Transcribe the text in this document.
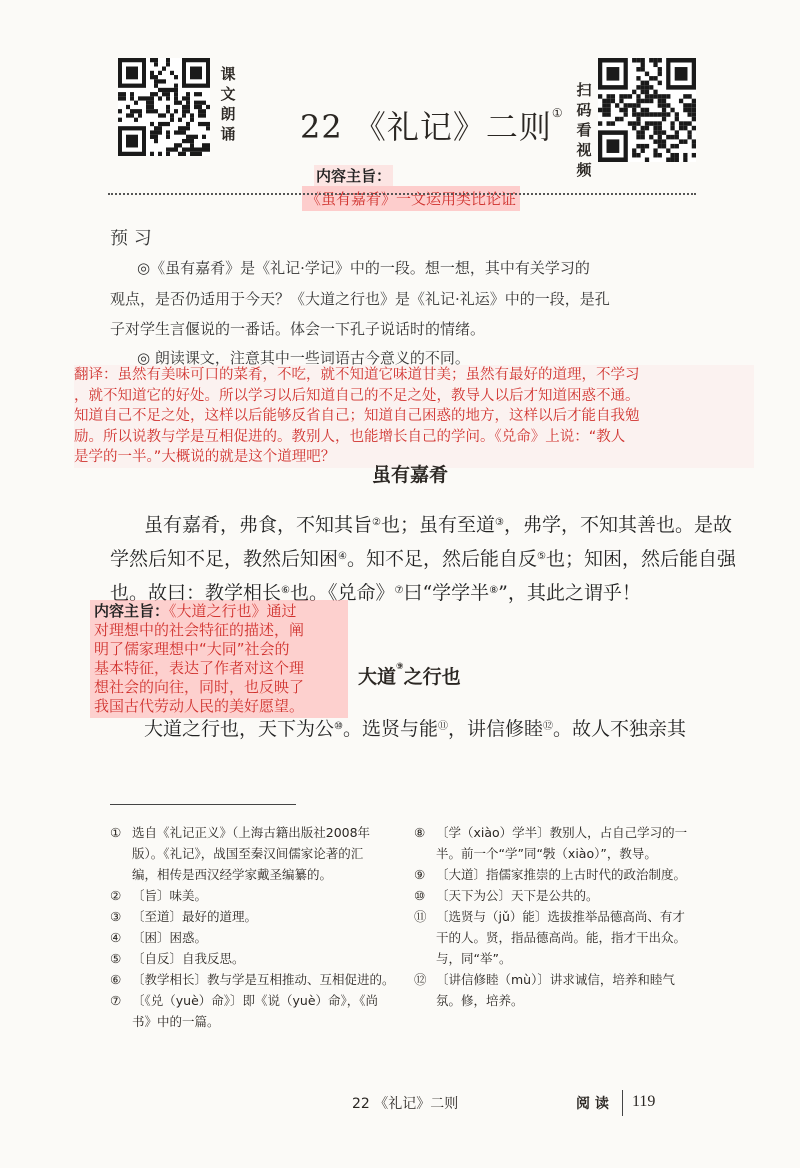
课
文
朗
诵
扫
码
看
视
频
22 《礼记》二则①
内容主旨：
《虽有嘉肴》一文运用类比论证
预 习
◎《虽有嘉肴》是《礼记·学记》中的一段。想一想，其中有关学习的
观点，是否仍适用于今天？《大道之行也》是《礼记·礼运》中的一段，是孔
子对学生言偃说的一番话。体会一下孔子说话时的情绪。
◎ 朗读课文，注意其中一些词语古今意义的不同。
翻译：虽然有美味可口的菜肴，不吃，就不知道它味道甘美；虽然有最好的道理，不学习
，就不知道它的好处。所以学习以后知道自己的不足之处，教导人以后才知道困惑不通。
知道自己不足之处，这样以后能够反省自己；知道自己困惑的地方，这样以后才能自我勉
励。所以说教与学是互相促进的。教别人，也能增长自己的学问。《兑命》上说：“教人
是学的一半。”大概说的就是这个道理吧？
虽有嘉肴
虽有嘉肴，弗食，不知其旨②也；虽有至道③，弗学，不知其善也。是故
学然后知不足，教然后知困④。知不足，然后能自反⑤也；知困，然后能自强
也。故曰：教学相长⑥也。《兑命》⑦曰“学学半⑧”，其此之谓乎！
内容主旨：《大道之行也》通过
对理想中的社会特征的描述，阐
明了儒家理想中“大同”社会的
基本特征，表达了作者对这个理
想社会的向往，同时，也反映了
我国古代劳动人民的美好愿望。
大道⑨之行也
大道之行也，天下为公⑩。选贤与能⑪，讲信修睦⑫。故人不独亲其
① 选自《礼记正义》（上海古籍出版社2008年
版）。《礼记》，战国至秦汉间儒家论著的汇
编，相传是西汉经学家戴圣编纂的。
② 〔旨〕味美。
③ 〔至道〕最好的道理。
④ 〔困〕困惑。
⑤ 〔自反〕自我反思。
⑥ 〔教学相长〕教与学是互相推动、互相促进的。
⑦ 〔《兑（yuè）命》〕即《说（yuè）命》，《尚
书》中的一篇。
⑧ 〔学（xiào）学半〕教别人，占自己学习的一
半。前一个“学”同“斅（xiào）”，教导。
⑨ 〔大道〕指儒家推崇的上古时代的政治制度。
⑩ 〔天下为公〕天下是公共的。
⑪ 〔选贤与（jǔ）能〕选拔推举品德高尚、有才
干的人。贤，指品德高尚。能，指才干出众。
与，同“举”。
⑫ 〔讲信修睦（mù）〕讲求诚信，培养和睦气
氛。修，培养。
22 《礼记》二则	阅 读 119
